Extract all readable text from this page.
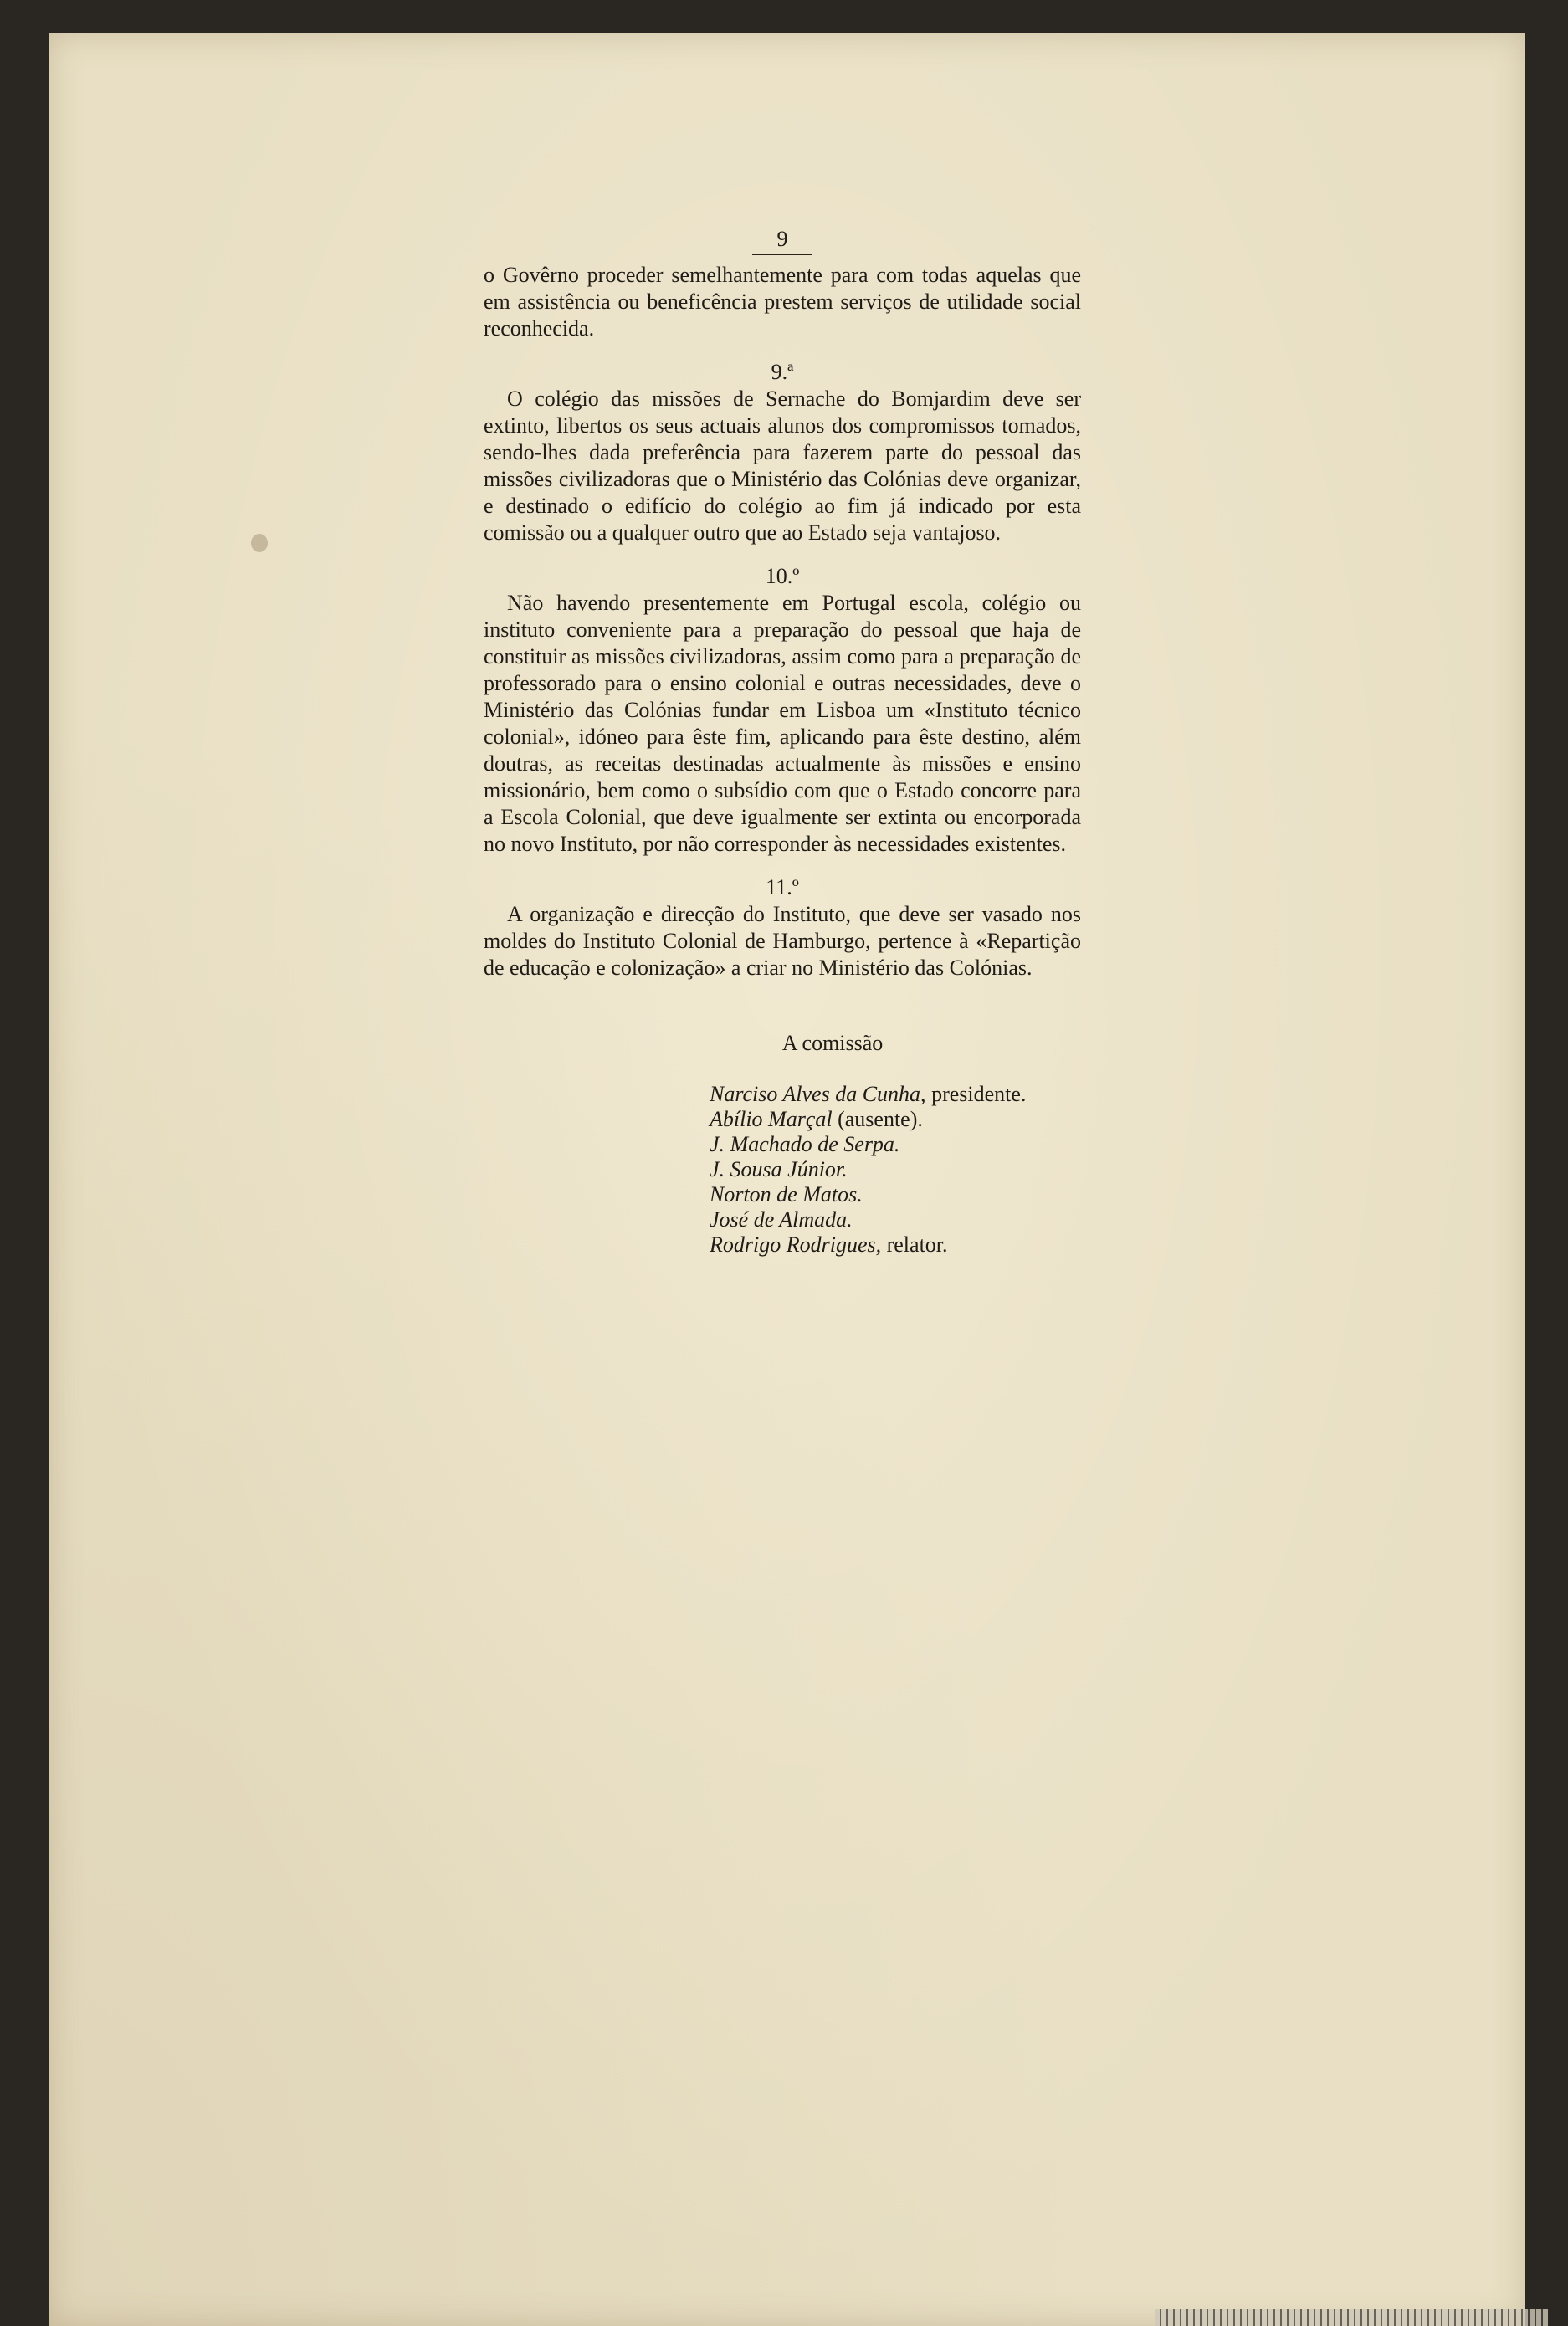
9

o Govêrno proceder semelhantemente para com todas aquelas que em assistência ou beneficência prestem serviços de utilidade social reconhecida.

9.ª

O colégio das missões de Sernache do Bomjardim deve ser extinto, libertos os seus actuais alunos dos compromissos tomados, sendo-lhes dada preferência para fazerem parte do pessoal das missões civilizadoras que o Ministério das Colónias deve organizar, e destinado o edifício do colégio ao fim já indicado por esta comissão ou a qualquer outro que ao Estado seja vantajoso.

10.º

Não havendo presentemente em Portugal escola, colégio ou instituto conveniente para a preparação do pessoal que haja de constituir as missões civilizadoras, assim como para a preparação de professorado para o ensino colonial e outras necessidades, deve o Ministério das Colónias fundar em Lisboa um «Instituto técnico colonial», idóneo para êste fim, aplicando para êste destino, além doutras, as receitas destinadas actualmente às missões e ensino missionário, bem como o subsídio com que o Estado concorre para a Escola Colonial, que deve igualmente ser extinta ou encorporada no novo Instituto, por não corresponder às necessidades existentes.

11.º

A organização e direcção do Instituto, que deve ser vasado nos moldes do Instituto Colonial de Hamburgo, pertence à «Repartição de educação e colonização» a criar no Ministério das Colónias.

A comissão
Narciso Alves da Cunha, presidente.
Abílio Marçal (ausente).
J. Machado de Serpa.
J. Sousa Júnior.
Norton de Matos.
José de Almada.
Rodrigo Rodrigues, relator.
